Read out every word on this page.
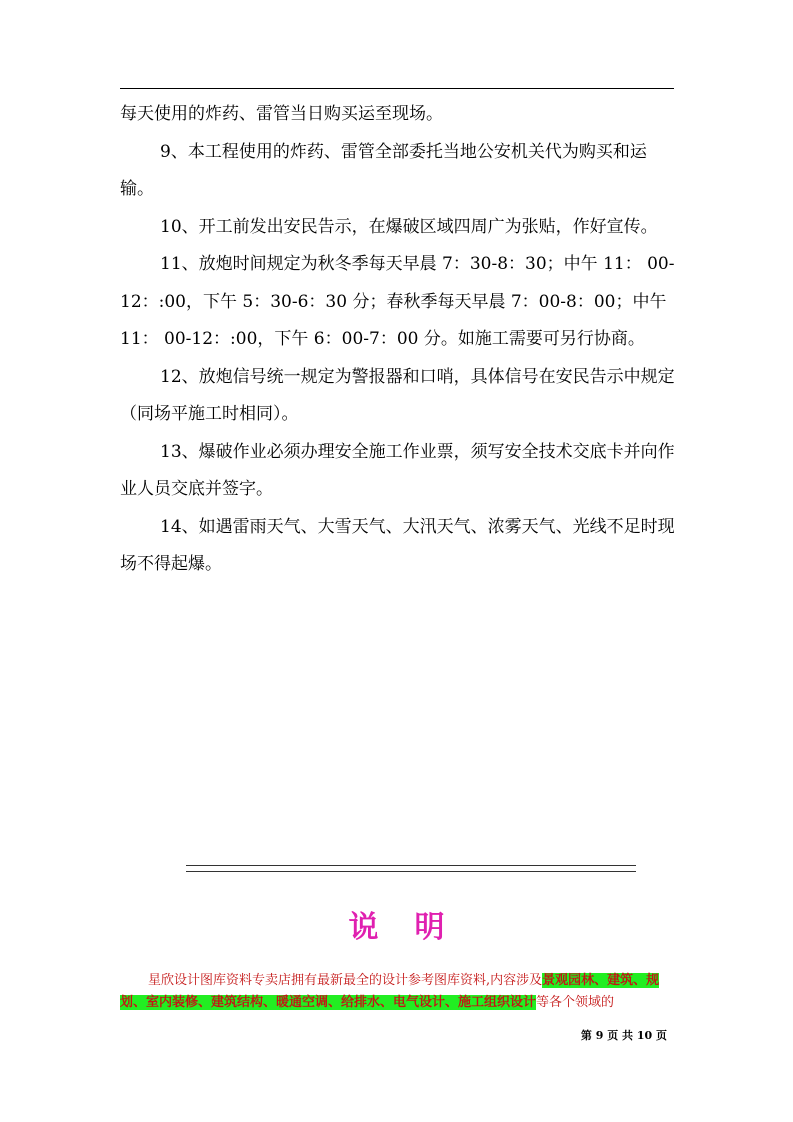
每天使用的炸药、雷管当日购买运至现场。

9、本工程使用的炸药、雷管全部委托当地公安机关代为购买和运输。

10、开工前发出安民告示，在爆破区域四周广为张贴，作好宣传。

11、放炮时间规定为秋冬季每天早晨 7：30-8：30；中午 11： 00-12：:00，下午 5：30-6：30 分；春秋季每天早晨 7：00-8：00；中午 11： 00-12：:00，下午 6：00-7：00 分。如施工需要可另行协商。

12、放炮信号统一规定为警报器和口哨，具体信号在安民告示中规定（同场平施工时相同）。

13、爆破作业必须办理安全施工作业票，须写安全技术交底卡并向作业人员交底并签字。

14、如遇雷雨天气、大雪天气、大汛天气、浓雾天气、光线不足时现场不得起爆。

说明
星欣设计图库资料专卖店拥有最新最全的设计参考图库资料,内容涉及景观园林、建筑、规划、室内装修、建筑结构、暖通空调、给排水、电气设计、施工组织设计等各个领域的
第 9 页 共 10 页
